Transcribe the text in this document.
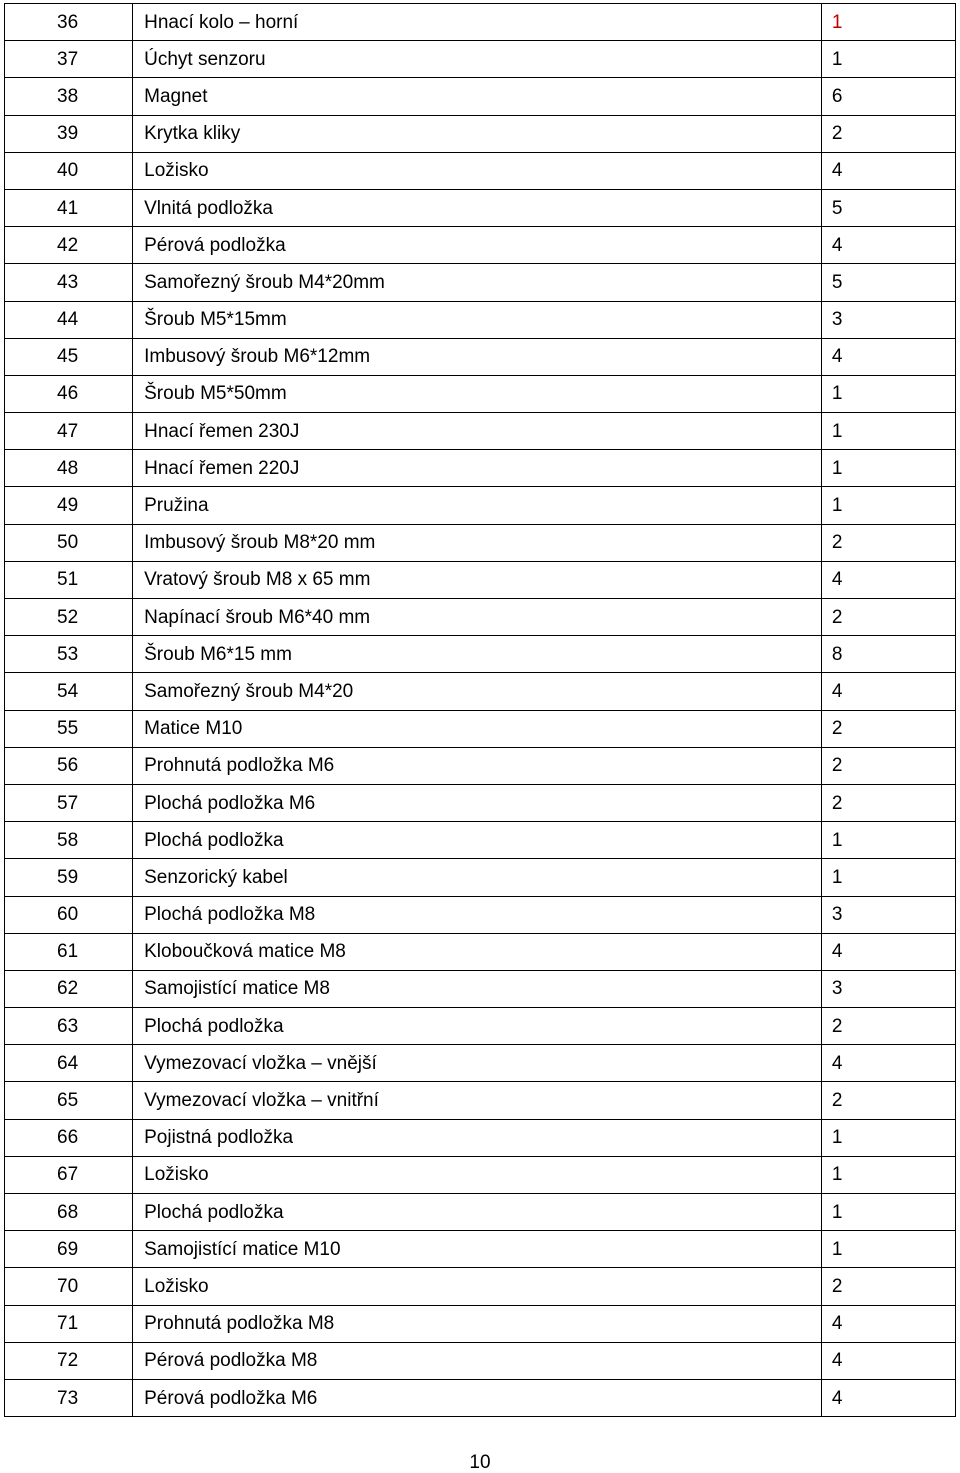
36	Hnací kolo – horní	1
37	Úchyt senzoru	1
38	Magnet	6
39	Krytka kliky	2
40	Ložisko	4
41	Vlnitá podložka	5
42	Pérová podložka	4
43	Samořezný šroub M4*20mm	5
44	Šroub M5*15mm	3
45	Imbusový šroub M6*12mm	4
46	Šroub M5*50mm	1
47	Hnací řemen 230J	1
48	Hnací řemen 220J	1
49	Pružina	1
50	Imbusový šroub M8*20 mm	2
51	Vratový šroub M8 x 65 mm	4
52	Napínací šroub M6*40 mm	2
53	Šroub M6*15 mm	8
54	Samořezný šroub M4*20	4
55	Matice M10	2
56	Prohnutá podložka M6	2
57	Plochá podložka M6	2
58	Plochá podložka	1
59	Senzorický kabel	1
60	Plochá podložka M8	3
61	Kloboučková matice M8	4
62	Samojistící matice M8	3
63	Plochá podložka	2
64	Vymezovací vložka – vnější	4
65	Vymezovací vložka – vnitřní	2
66	Pojistná podložka	1
67	Ložisko	1
68	Plochá podložka	1
69	Samojistící matice M10	1
70	Ložisko	2
71	Prohnutá podložka M8	4
72	Pérová podložka M8	4
73	Pérová podložka M6	4
10
